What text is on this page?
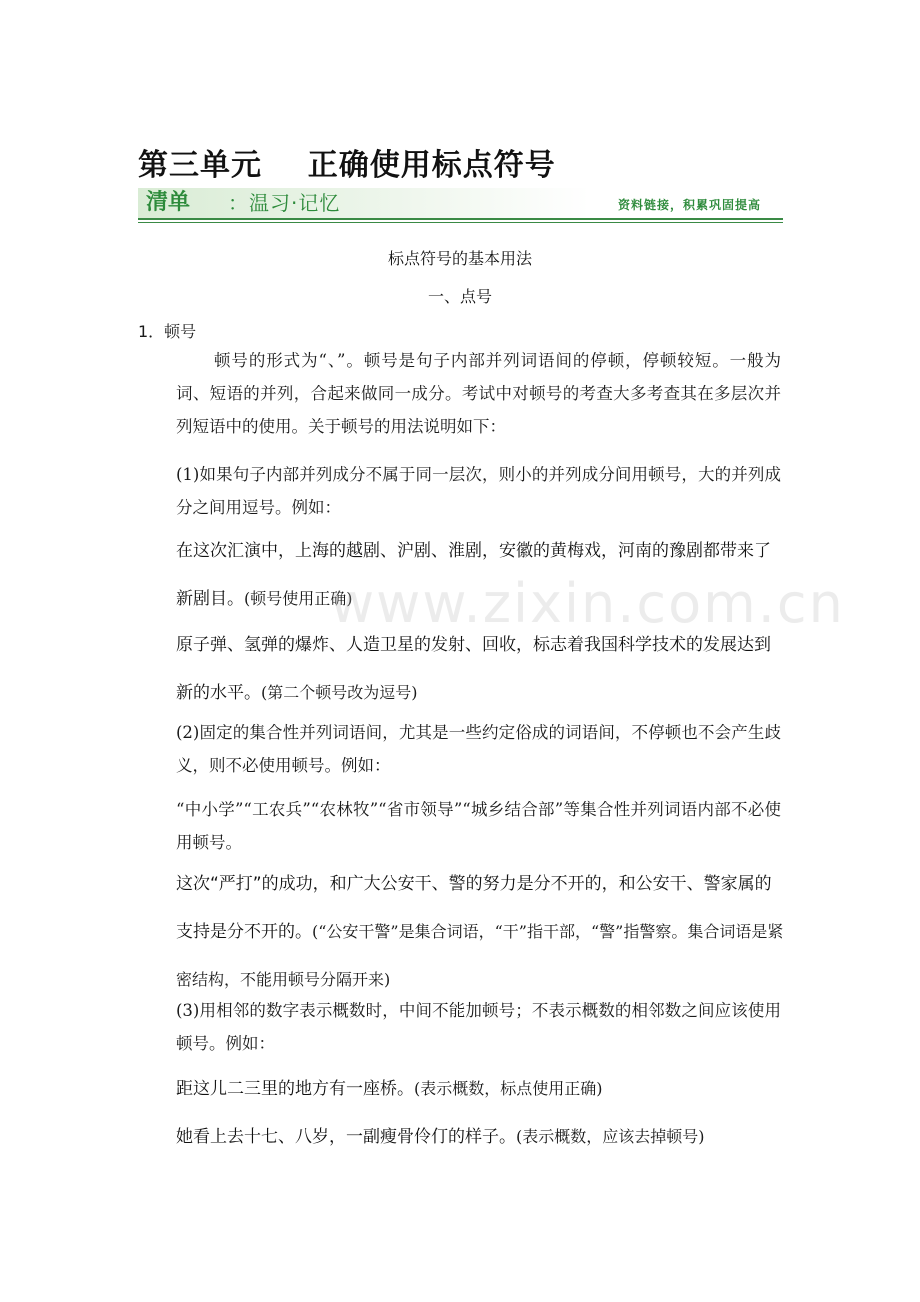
第三单元    正确使用标点符号
清单 ：温习·记忆	资料链接，积累巩固提高
标点符号的基本用法
一、点号
1．顿号

顿号的形式为“、”。顿号是句子内部并列词语间的停顿，停顿较短。一般为词、短语的并列，合起来做同一成分。考试中对顿号的考查大多考查其在多层次并列短语中的使用。关于顿号的用法说明如下：

(1)如果句子内部并列成分不属于同一层次，则小的并列成分间用顿号，大的并列成分之间用逗号。例如：

在这次汇演中，上海的越剧、沪剧、淮剧，安徽的黄梅戏，河南的豫剧都带来了新剧目。(顿号使用正确)

原子弹、氢弹的爆炸、人造卫星的发射、回收，标志着我国科学技术的发展达到新的水平。(第二个顿号改为逗号)

(2)固定的集合性并列词语间，尤其是一些约定俗成的词语间，不停顿也不会产生歧义，则不必使用顿号。例如：

“中小学”“工农兵”“农林牧”“省市领导”“城乡结合部”等集合性并列词语内部不必使用顿号。

这次“严打”的成功，和广大公安干、警的努力是分不开的，和公安干、警家属的支持是分不开的。(“公安干警”是集合词语，“干”指干部，“警”指警察。集合词语是紧密结构，不能用顿号分隔开来)

(3)用相邻的数字表示概数时，中间不能加顿号；不表示概数的相邻数之间应该使用顿号。例如：

距这儿二三里的地方有一座桥。(表示概数，标点使用正确)

她看上去十七、八岁，一副瘦骨伶仃的样子。(表示概数，应该去掉顿号)

www.zixin.com.cn
